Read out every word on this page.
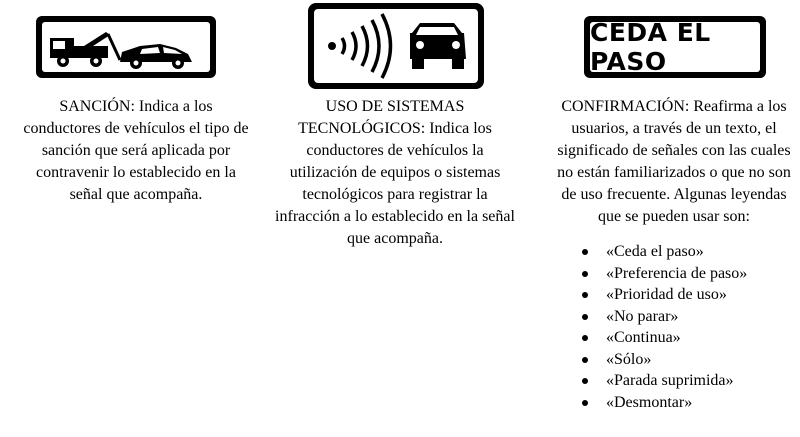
SANCIÓN: Indica a los conductores de vehículos el tipo de sanción que será aplicada por contravenir lo establecido en la señal que acompaña.
USO DE SISTEMAS TECNOLÓGICOS: Indica los conductores de vehículos la utilización de equipos o sistemas tecnológicos para registrar la infracción a lo establecido en la señal que acompaña.
CEDA EL PASO
CONFIRMACIÓN: Reafirma a los usuarios, a través de un texto, el significado de señales con las cuales no están familiarizados o que no son de uso frecuente. Algunas leyendas que se pueden usar son:
«Ceda el paso»
«Preferencia de paso»
«Prioridad de uso»
«No parar»
«Continua»
«Sólo»
«Parada suprimida»
«Desmontar»
